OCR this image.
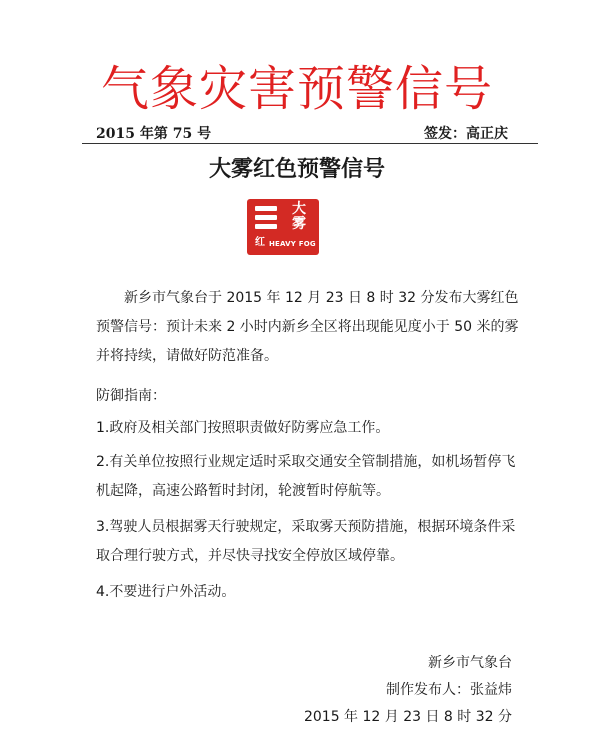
气象灾害预警信号
2015 年第 75 号	签发：高正庆
大雾红色预警信号
大
雾
红 HEAVY FOG
新乡市气象台于 2015 年 12 月 23 日 8 时 32 分发布大雾红色预警信号：预计未来 2 小时内新乡全区将出现能见度小于 50 米的雾并将持续，请做好防范准备。
防御指南：
1.政府及相关部门按照职责做好防雾应急工作。
2.有关单位按照行业规定适时采取交通安全管制措施，如机场暂停飞机起降，高速公路暂时封闭，轮渡暂时停航等。
3.驾驶人员根据雾天行驶规定，采取雾天预防措施，根据环境条件采取合理行驶方式，并尽快寻找安全停放区域停靠。
4.不要进行户外活动。
新乡市气象台
制作发布人：张益炜
2015 年 12 月 23 日 8 时 32 分
